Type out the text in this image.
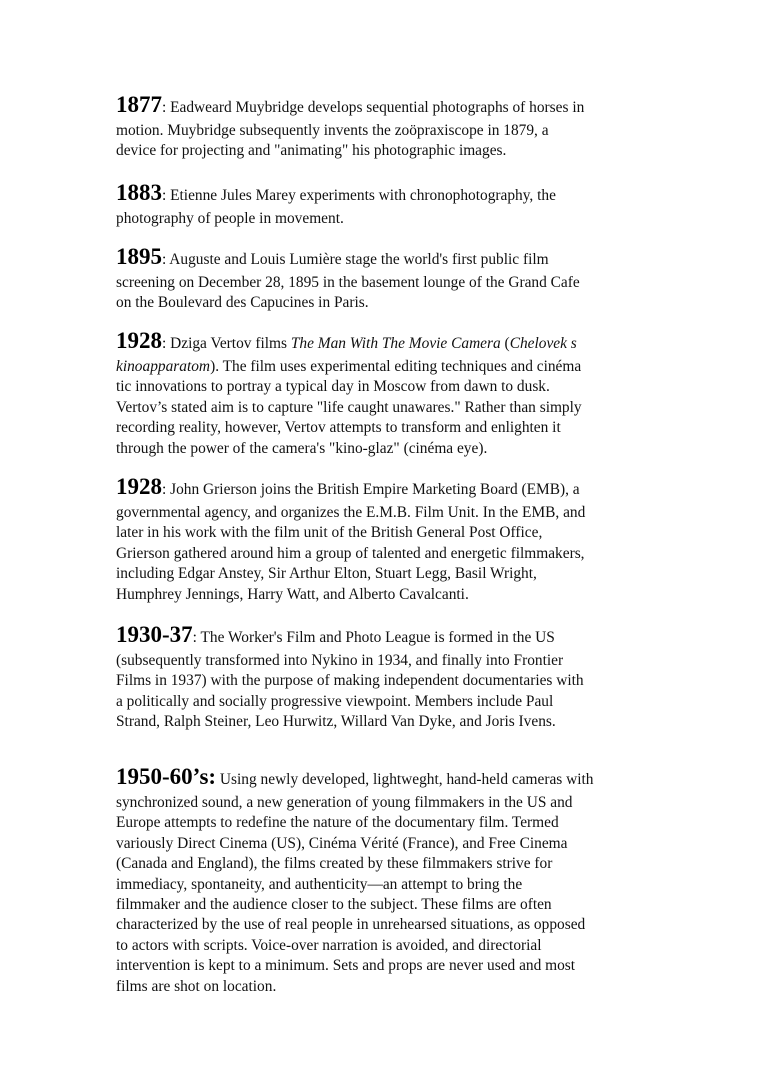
1877: Eadweard Muybridge develops sequential photographs of horses in
motion. Muybridge subsequently invents the zoöpraxiscope in 1879, a
device for projecting and "animating" his photographic images.
1883: Etienne Jules Marey experiments with chronophotography, the
photography of people in movement.
1895: Auguste and Louis Lumière stage the world's first public film
screening on December 28, 1895 in the basement lounge of the Grand Cafe
on the Boulevard des Capucines in Paris.
1928: Dziga Vertov films The Man With The Movie Camera (Chelovek s
kinoapparatom). The film uses experimental editing techniques and cinéma
tic innovations to portray a typical day in Moscow from dawn to dusk.
Vertov’s stated aim is to capture "life caught unawares." Rather than simply
recording reality, however, Vertov attempts to transform and enlighten it
through the power of the camera's "kino-glaz" (cinéma eye).
1928: John Grierson joins the British Empire Marketing Board (EMB), a
governmental agency, and organizes the E.M.B. Film Unit. In the EMB, and
later in his work with the film unit of the British General Post Office,
Grierson gathered around him a group of talented and energetic filmmakers,
including Edgar Anstey, Sir Arthur Elton, Stuart Legg, Basil Wright,
Humphrey Jennings, Harry Watt, and Alberto Cavalcanti.
1930-37: The Worker's Film and Photo League is formed in the US
(subsequently transformed into Nykino in 1934, and finally into Frontier
Films in 1937) with the purpose of making independent documentaries with
a politically and socially progressive viewpoint. Members include Paul
Strand, Ralph Steiner, Leo Hurwitz, Willard Van Dyke, and Joris Ivens.
1950-60’s: Using newly developed, lightweght, hand-held cameras with
synchronized sound, a new generation of young filmmakers in the US and
Europe attempts to redefine the nature of the documentary film. Termed
variously Direct Cinema (US), Cinéma Vérité (France), and Free Cinema
(Canada and England), the films created by these filmmakers strive for
immediacy, spontaneity, and authenticity—an attempt to bring the
filmmaker and the audience closer to the subject. These films are often
characterized by the use of real people in unrehearsed situations, as opposed
to actors with scripts. Voice-over narration is avoided, and directorial
intervention is kept to a minimum. Sets and props are never used and most
films are shot on location.
